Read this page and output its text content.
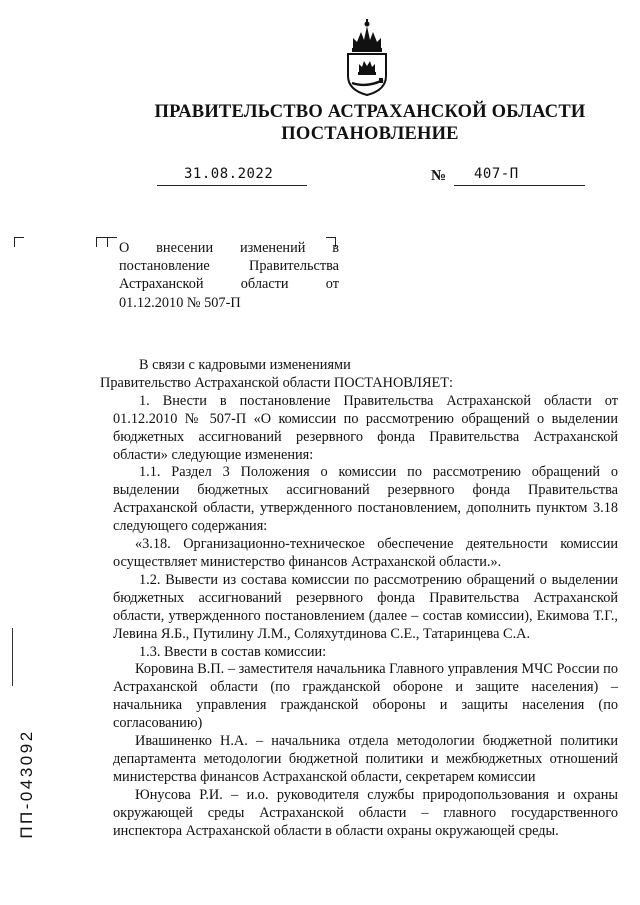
ПРАВИТЕЛЬСТВО АСТРАХАНСКОЙ ОБЛАСТИ
ПОСТАНОВЛЕНИЕ
31.08.2022	№ 407-П
О внесении изменений в постановление Правительства Астраханской области от 01.12.2010 № 507-П

В связи с кадровыми изменениями

Правительство Астраханской области ПОСТАНОВЛЯЕТ:

1. Внести в постановление Правительства Астраханской области от 01.12.2010 № 507-П «О комиссии по рассмотрению обращений о выделении бюджетных ассигнований резервного фонда Правительства Астраханской области» следующие изменения:

1.1. Раздел 3 Положения о комиссии по рассмотрению обращений о выделении бюджетных ассигнований резервного фонда Правительства Астраханской области, утвержденного постановлением, дополнить пунктом 3.18 следующего содержания:

«3.18. Организационно-техническое обеспечение деятельности комиссии осуществляет министерство финансов Астраханской области.».

1.2. Вывести из состава комиссии по рассмотрению обращений о выделении бюджетных ассигнований резервного фонда Правительства Астраханской области, утвержденного постановлением (далее – состав комиссии), Екимова Т.Г., Левина Я.Б., Путилину Л.М., Соляхутдинова С.Е., Татаринцева С.А.

1.3. Ввести в состав комиссии:

Коровина В.П. – заместителя начальника Главного управления МЧС России по Астраханской области (по гражданской обороне и защите населения) – начальника управления гражданской обороны и защиты населения (по согласованию)

Ивашиненко Н.А. – начальника отдела методологии бюджетной политики департамента методологии бюджетной политики и межбюджетных отношений министерства финансов Астраханской области, секретарем комиссии

Юнусова Р.И. – и.о. руководителя службы природопользования и охраны окружающей среды Астраханской области – главного государственного инспектора Астраханской области в области охраны окружающей среды.

ПП-043092
